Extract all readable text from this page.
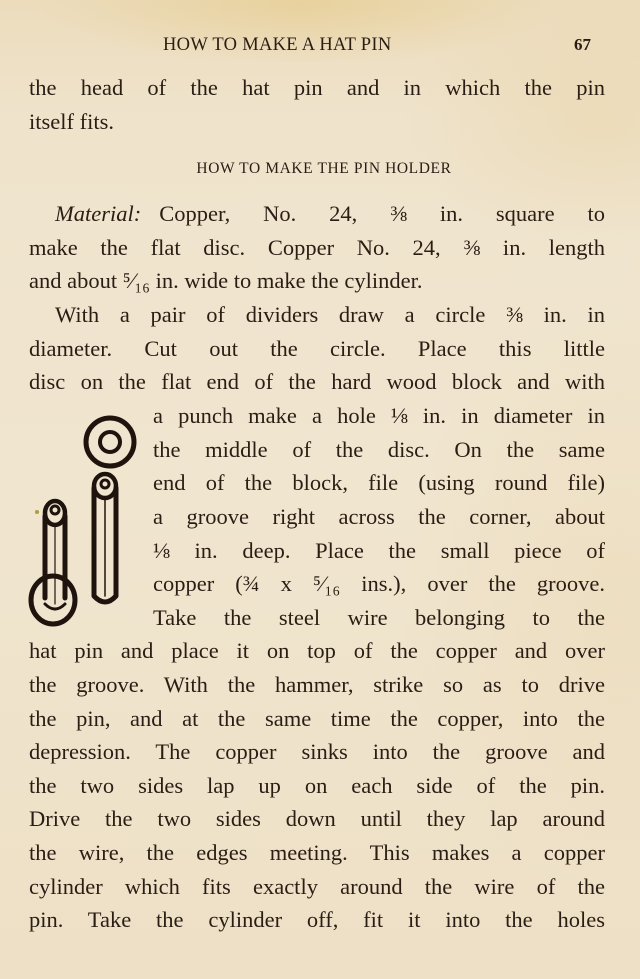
HOW TO MAKE A HAT PIN	67
the head of the hat pin and in which the pin
itself fits.
HOW TO MAKE THE PIN HOLDER
Material: Copper, No. 24, ⅜ in. square to
make the flat disc. Copper No. 24, ⅜ in. length
and about ⁵⁄₁₆ in. wide to make the cylinder.
With a pair of dividers draw a circle ⅜ in. in
diameter. Cut out the circle. Place this little
disc on the flat end of the hard wood block and with
a punch make a hole ⅛ in. in diameter in
the middle of the disc. On the same
end of the block, file (using round file)
a groove right across the corner, about
⅛ in. deep. Place the small piece of
copper (¾ x ⁵⁄₁₆ ins.), over the groove.
Take the steel wire belonging to the
hat pin and place it on top of the copper and over
the groove. With the hammer, strike so as to drive
the pin, and at the same time the copper, into the
depression. The copper sinks into the groove and
the two sides lap up on each side of the pin.
Drive the two sides down until they lap around
the wire, the edges meeting. This makes a copper
cylinder which fits exactly around the wire of the
pin. Take the cylinder off, fit it into the holes
